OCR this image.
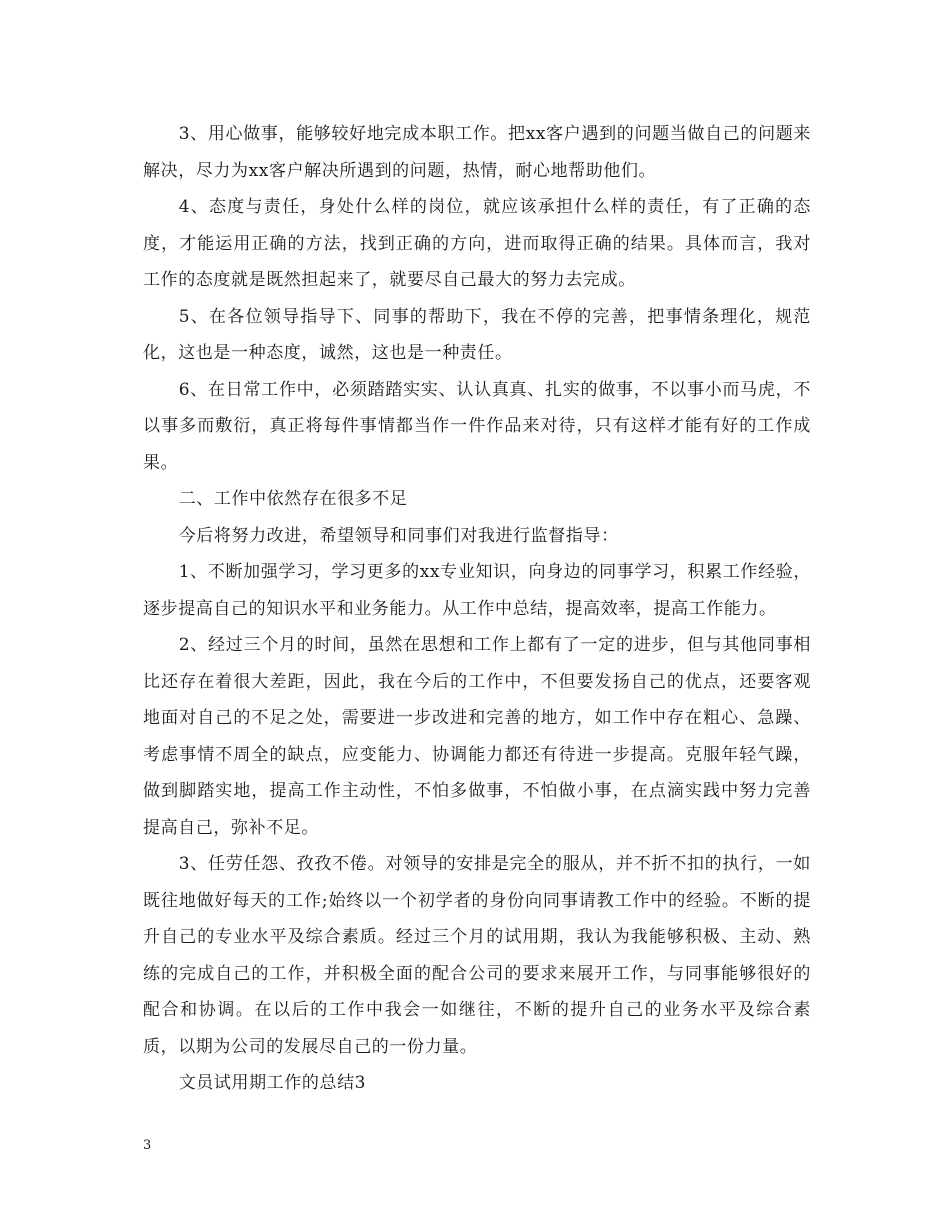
3、用心做事，能够较好地完成本职工作。把xx客户遇到的问题当做自己的问题来解决，尽力为xx客户解决所遇到的问题，热情，耐心地帮助他们。

4、态度与责任，身处什么样的岗位，就应该承担什么样的责任，有了正确的态度，才能运用正确的方法，找到正确的方向，进而取得正确的结果。具体而言，我对工作的态度就是既然担起来了，就要尽自己最大的努力去完成。

5、在各位领导指导下、同事的帮助下，我在不停的完善，把事情条理化，规范化，这也是一种态度，诚然，这也是一种责任。

6、在日常工作中，必须踏踏实实、认认真真、扎实的做事，不以事小而马虎，不以事多而敷衍，真正将每件事情都当作一件作品来对待，只有这样才能有好的工作成果。

二、工作中依然存在很多不足

今后将努力改进，希望领导和同事们对我进行监督指导：

1、不断加强学习，学习更多的xx专业知识，向身边的同事学习，积累工作经验，逐步提高自己的知识水平和业务能力。从工作中总结，提高效率，提高工作能力。

2、经过三个月的时间，虽然在思想和工作上都有了一定的进步，但与其他同事相比还存在着很大差距，因此，我在今后的工作中，不但要发扬自己的优点，还要客观地面对自己的不足之处，需要进一步改进和完善的地方，如工作中存在粗心、急躁、考虑事情不周全的缺点，应变能力、协调能力都还有待进一步提高。克服年轻气躁，做到脚踏实地，提高工作主动性，不怕多做事，不怕做小事，在点滴实践中努力完善提高自己，弥补不足。

3、任劳任怨、孜孜不倦。对领导的安排是完全的服从，并不折不扣的执行，一如既往地做好每天的工作;始终以一个初学者的身份向同事请教工作中的经验。不断的提升自己的专业水平及综合素质。经过三个月的试用期，我认为我能够积极、主动、熟练的完成自己的工作，并积极全面的配合公司的要求来展开工作，与同事能够很好的配合和协调。在以后的工作中我会一如继往，不断的提升自己的业务水平及综合素质，以期为公司的发展尽自己的一份力量。

文员试用期工作的总结3

3
